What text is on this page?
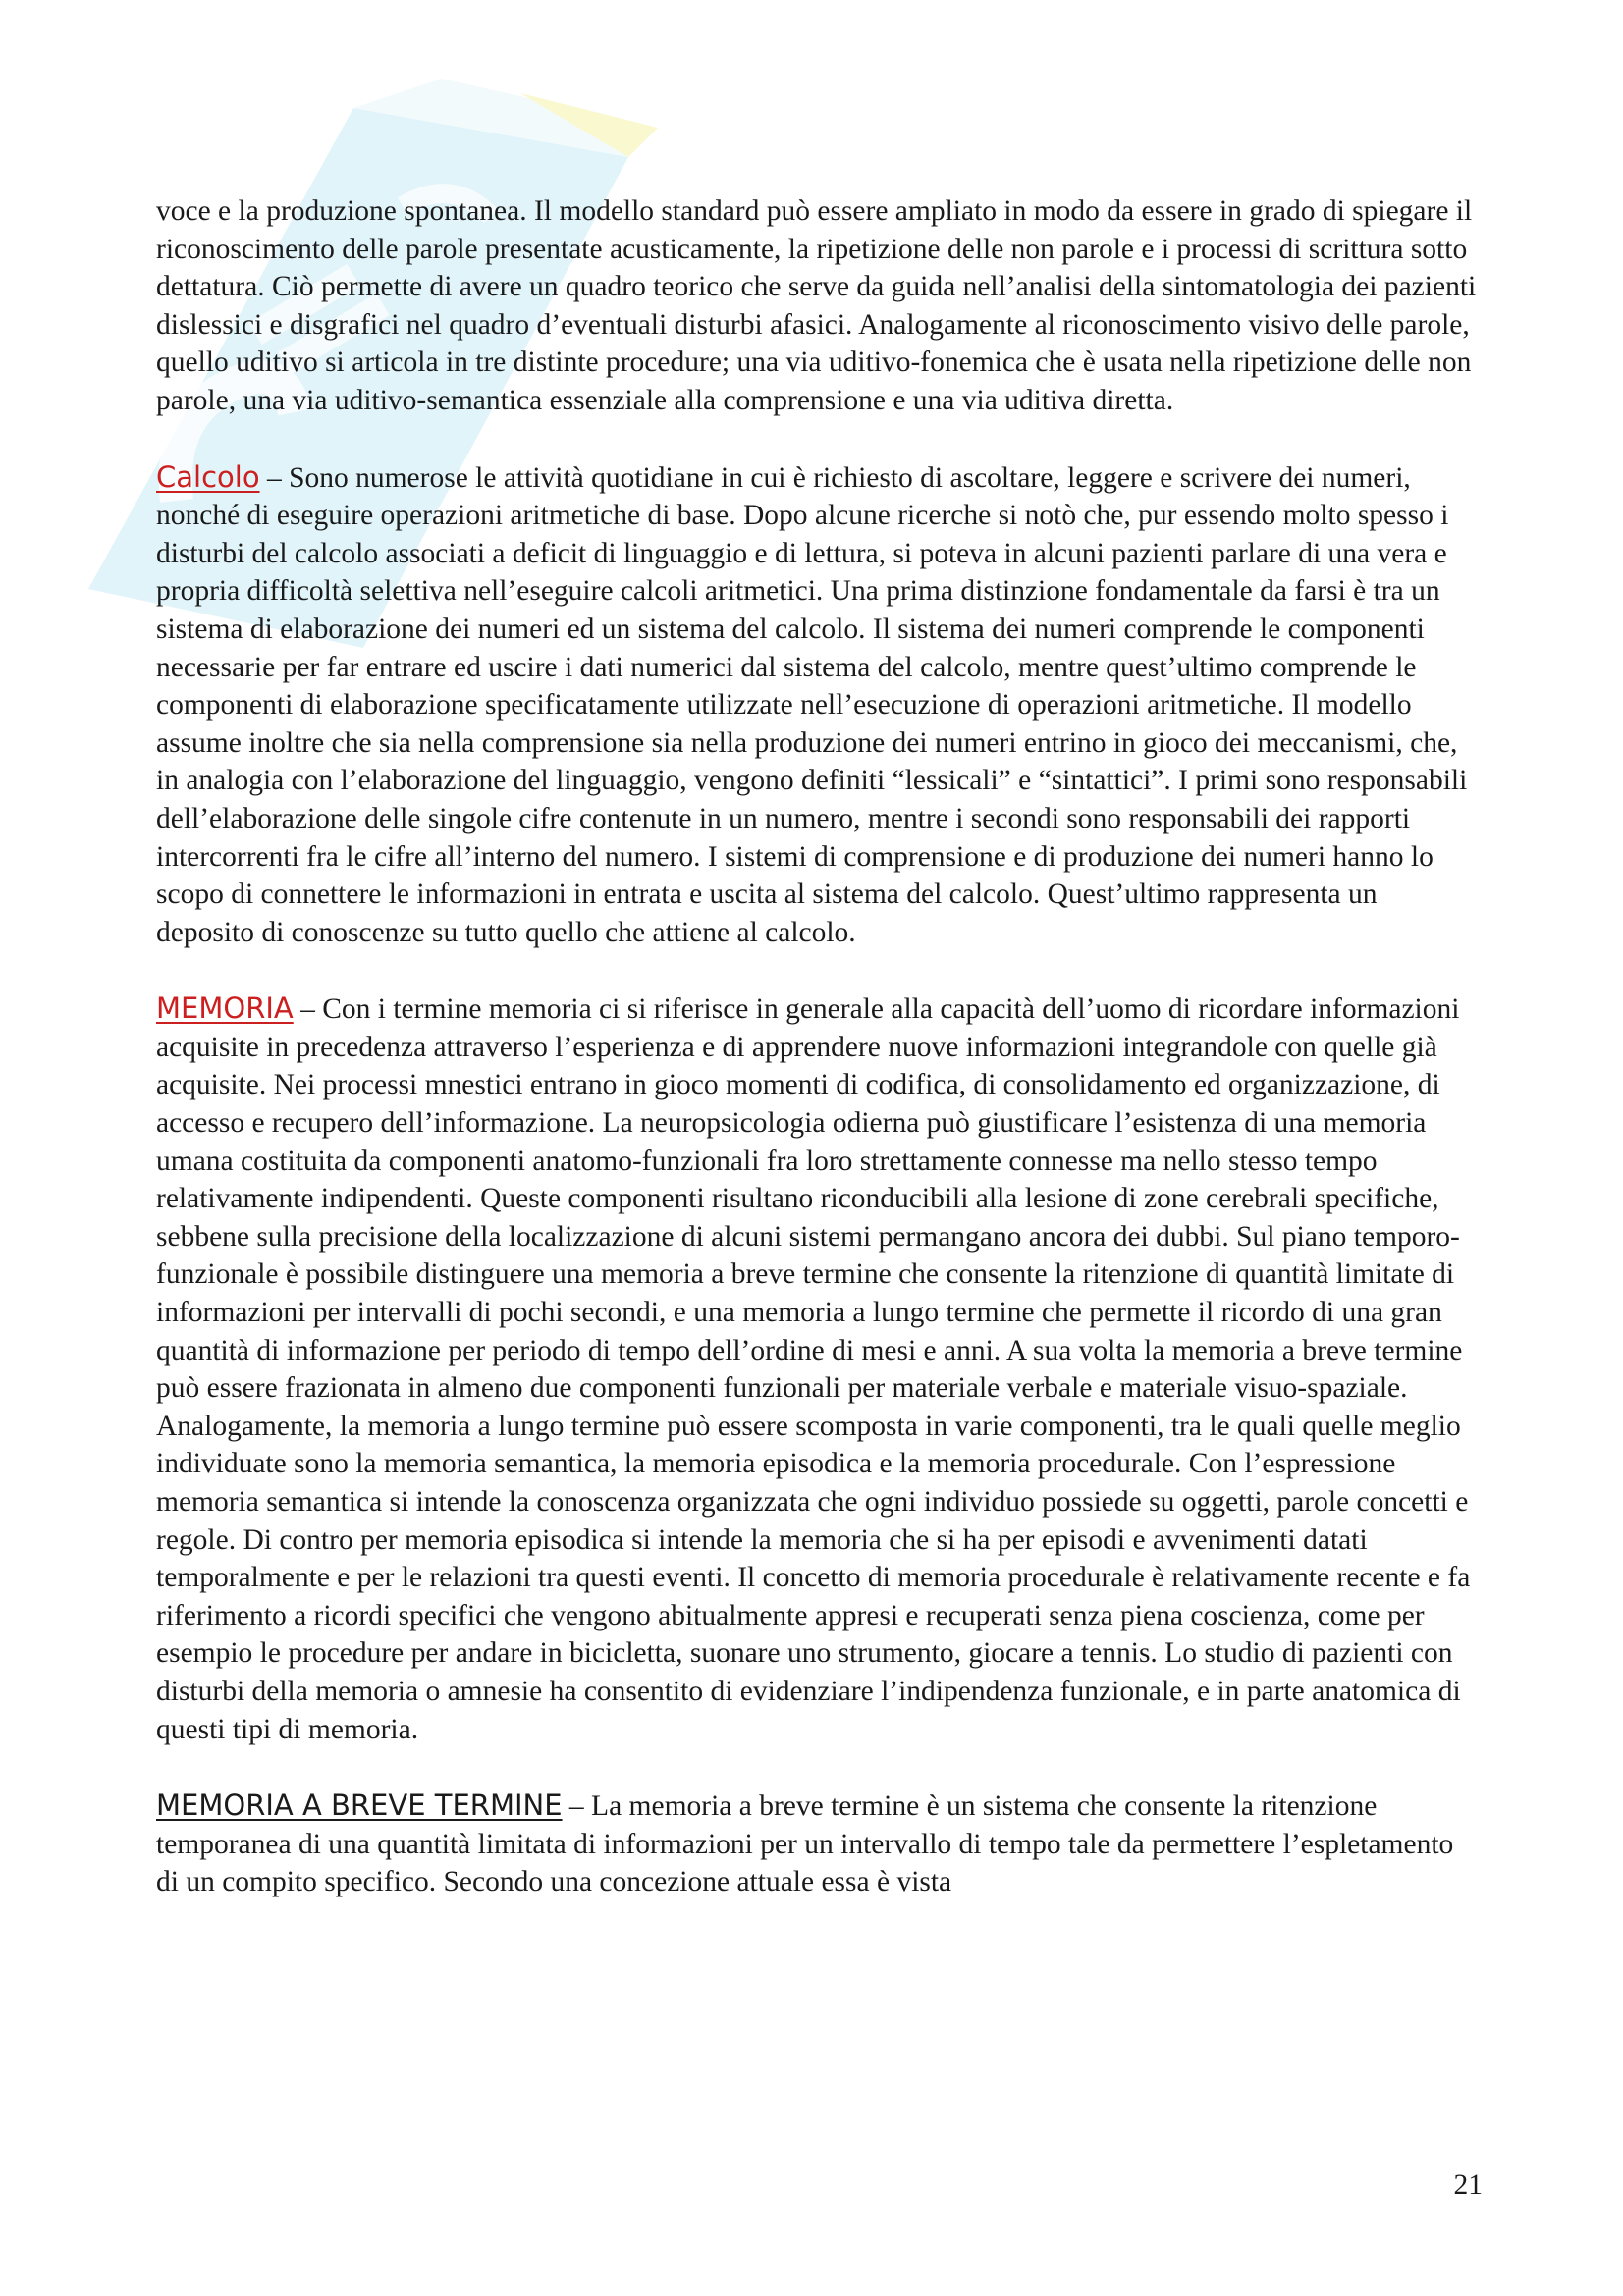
voce e la produzione spontanea. Il modello standard può essere ampliato in modo da essere in grado di spiegare il riconoscimento delle parole presentate acusticamente, la ripetizione delle non parole e i processi di scrittura sotto dettatura. Ciò permette di avere un quadro teorico che serve da guida nell’analisi della sintomatologia dei pazienti dislessici e disgrafici nel quadro d’eventuali disturbi afasici. Analogamente al riconoscimento visivo delle parole, quello uditivo si articola in tre distinte procedure; una via uditivo-fonemica che è usata nella ripetizione delle non parole, una via uditivo-semantica essenziale alla comprensione e una via uditiva diretta.

Calcolo – Sono numerose le attività quotidiane in cui è richiesto di ascoltare, leggere e scrivere dei numeri, nonché di eseguire operazioni aritmetiche di base. Dopo alcune ricerche si notò che, pur essendo molto spesso i disturbi del calcolo associati a deficit di linguaggio e di lettura, si poteva in alcuni pazienti parlare di una vera e propria difficoltà selettiva nell’eseguire calcoli aritmetici. Una prima distinzione fondamentale da farsi è tra un sistema di elaborazione dei numeri ed un sistema del calcolo. Il sistema dei numeri comprende le componenti necessarie per far entrare ed uscire i dati numerici dal sistema del calcolo, mentre quest’ultimo comprende le componenti di elaborazione specificatamente utilizzate nell’esecuzione di operazioni aritmetiche. Il modello assume inoltre che sia nella comprensione sia nella produzione dei numeri entrino in gioco dei meccanismi, che, in analogia con l’elaborazione del linguaggio, vengono definiti “lessicali” e “sintattici”. I primi sono responsabili dell’elaborazione delle singole cifre contenute in un numero, mentre i secondi sono responsabili dei rapporti intercorrenti fra le cifre all’interno del numero. I sistemi di comprensione e di produzione dei numeri hanno lo scopo di connettere le informazioni in entrata e uscita al sistema del calcolo. Quest’ultimo rappresenta un deposito di conoscenze su tutto quello che attiene al calcolo.

MEMORIA – Con i termine memoria ci si riferisce in generale alla capacità dell’uomo di ricordare informazioni acquisite in precedenza attraverso l’esperienza e di apprendere nuove informazioni integrandole con quelle già acquisite. Nei processi mnestici entrano in gioco momenti di codifica, di consolidamento ed organizzazione, di accesso e recupero dell’informazione. La neuropsicologia odierna può giustificare l’esistenza di una memoria umana costituita da componenti anatomo-funzionali fra loro strettamente connesse ma nello stesso tempo relativamente indipendenti. Queste componenti risultano riconducibili alla lesione di zone cerebrali specifiche, sebbene sulla precisione della localizzazione di alcuni sistemi permangano ancora dei dubbi. Sul piano temporo-funzionale è possibile distinguere una memoria a breve termine che consente la ritenzione di quantità limitate di informazioni per intervalli di pochi secondi, e una memoria a lungo termine che permette il ricordo di una gran quantità di informazione per periodo di tempo dell’ordine di mesi e anni. A sua volta la memoria a breve termine può essere frazionata in almeno due componenti funzionali per materiale verbale e materiale visuo-spaziale. Analogamente, la memoria a lungo termine può essere scomposta in varie componenti, tra le quali quelle meglio individuate sono la memoria semantica, la memoria episodica e la memoria procedurale. Con l’espressione memoria semantica si intende la conoscenza organizzata che ogni individuo possiede su oggetti, parole concetti e regole. Di contro per memoria episodica si intende la memoria che si ha per episodi e avvenimenti datati temporalmente e per le relazioni tra questi eventi. Il concetto di memoria procedurale è relativamente recente e fa riferimento a ricordi specifici che vengono abitualmente appresi e recuperati senza piena coscienza, come per esempio le procedure per andare in bicicletta, suonare uno strumento, giocare a tennis. Lo studio di pazienti con disturbi della memoria o amnesie ha consentito di evidenziare l’indipendenza funzionale, e in parte anatomica di questi tipi di memoria.

MEMORIA A BREVE TERMINE – La memoria a breve termine è un sistema che consente la ritenzione temporanea di una quantità limitata di informazioni per un intervallo di tempo tale da permettere l’espletamento di un compito specifico. Secondo una concezione attuale essa è vista

21
